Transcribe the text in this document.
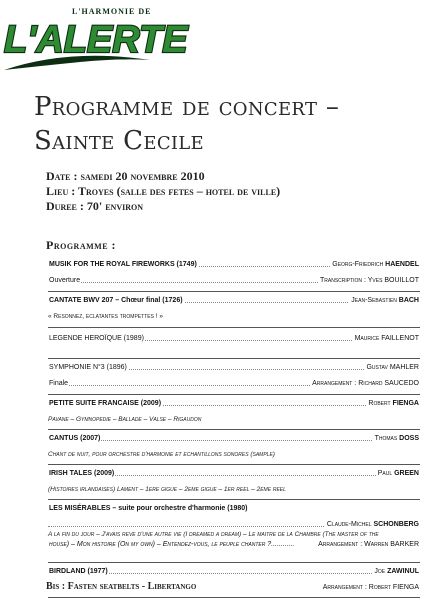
L'HARMONIE DE
L'ALERTE
Programme de concert –
Sainte Cecile
Date : samedi 20 novembre 2010
Lieu : Troyes (salle des fetes – hotel de ville)
Duree : 70' environ
Programme :
MUSIK FOR THE ROYAL FIREWORKS (1749)	Georg-Friedrich HAENDEL
Ouverture	Transcription : Yves BOUILLOT
CANTATE BWV 207 – Chœur final (1726)	Jean-Sebastien BACH
« Resonnez, eclatantes trompettes ! »
LEGENDE HEROÏQUE (1989)	Maurice FAILLENOT
SYMPHONIE N°3 (1896)	Gustav MAHLER
Finale	Arrangement : Richard SAUCEDO
PETITE SUITE FRANCAISE (2009)	Robert FIENGA
Pavane – Gymnopedie – Ballade – Valse – Rigaudon
CANTUS (2007)	Thomas DOSS
Chant de nuit, pour orchestre d'harmonie et echantillons sonores (sample)
IRISH TALES (2009)	Paul GREEN
(Histoires irlandaises) Lament – 1ere gigue – 2eme gigue – 1er reel – 2eme reel
LES MISÉRABLES – suite pour orchestre d'harmonie (1980)
Claude-Michel SCHONBERG
A la fin du jour – J'avais reve d'une autre vie (I dreamed a dream) – Le maitre de la Chambre (The master of the
house) – Mon histoire (On my own) – Entendez-vous, le peuple chanter ?............	Arrangement : Warren BARKER
BIRDLAND (1977)	Joe ZAWINUL
Arrangement : Robert FIENGA
Bis : Fasten seatbelts - Libertango
